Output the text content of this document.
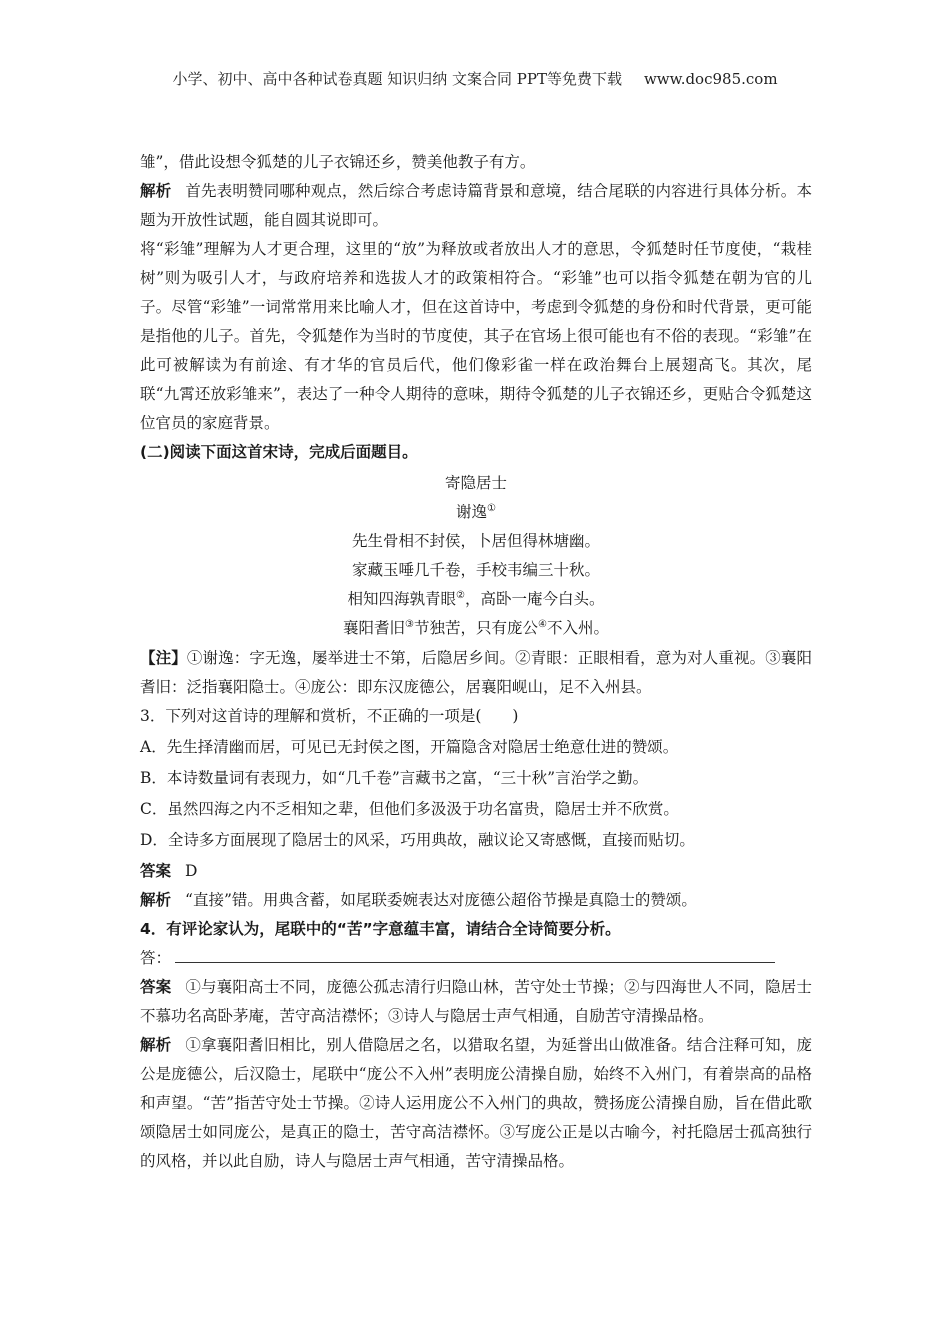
小学、初中、高中各种试卷真题 知识归纳 文案合同 PPT等免费下载 www.doc985.com

雏”，借此设想令狐楚的儿子衣锦还乡，赞美他教子有方。

解析 首先表明赞同哪种观点，然后综合考虑诗篇背景和意境，结合尾联的内容进行具体分析。本题为开放性试题，能自圆其说即可。

将“彩雏”理解为人才更合理，这里的“放”为释放或者放出人才的意思，令狐楚时任节度使，“栽桂树”则为吸引人才，与政府培养和选拔人才的政策相符合。“彩雏”也可以指令狐楚在朝为官的儿子。尽管“彩雏”一词常常用来比喻人才，但在这首诗中，考虑到令狐楚的身份和时代背景，更可能是指他的儿子。首先，令狐楚作为当时的节度使，其子在官场上很可能也有不俗的表现。“彩雏”在此可被解读为有前途、有才华的官员后代，他们像彩雀一样在政治舞台上展翅高飞。其次，尾联“九霄还放彩雏来”，表达了一种令人期待的意味，期待令狐楚的儿子衣锦还乡，更贴合令狐楚这位官员的家庭背景。

(二)阅读下面这首宋诗，完成后面题目。

寄隐居士

谢逸①

先生骨相不封侯，卜居但得林塘幽。

家藏玉唾几千卷，手校韦编三十秋。

相知四海孰青眼②，高卧一庵今白头。

襄阳耆旧③节独苦，只有庞公④不入州。

【注】①谢逸：字无逸，屡举进士不第，后隐居乡间。②青眼：正眼相看，意为对人重视。③襄阳耆旧：泛指襄阳隐士。④庞公：即东汉庞德公，居襄阳岘山，足不入州县。

3．下列对这首诗的理解和赏析，不正确的一项是(　　)

A．先生择清幽而居，可见已无封侯之图，开篇隐含对隐居士绝意仕进的赞颂。

B．本诗数量词有表现力，如“几千卷”言藏书之富，“三十秋”言治学之勤。

C．虽然四海之内不乏相知之辈，但他们多汲汲于功名富贵，隐居士并不欣赏。

D．全诗多方面展现了隐居士的风采，巧用典故，融议论又寄感慨，直接而贴切。

答案 D

解析 “直接”错。用典含蓄，如尾联委婉表达对庞德公超俗节操是真隐士的赞颂。

4．有评论家认为，尾联中的“苦”字意蕴丰富，请结合全诗简要分析。

答：

答案 ①与襄阳高士不同，庞德公孤志清行归隐山林，苦守处士节操；②与四海世人不同，隐居士不慕功名高卧茅庵，苦守高洁襟怀；③诗人与隐居士声气相通，自励苦守清操品格。

解析 ①拿襄阳耆旧相比，别人借隐居之名，以猎取名望，为延誉出山做准备。结合注释可知，庞公是庞德公，后汉隐士，尾联中“庞公不入州”表明庞公清操自励，始终不入州门，有着崇高的品格和声望。“苦”指苦守处士节操。②诗人运用庞公不入州门的典故，赞扬庞公清操自励，旨在借此歌颂隐居士如同庞公，是真正的隐士，苦守高洁襟怀。③写庞公正是以古喻今，衬托隐居士孤高独行的风格，并以此自励，诗人与隐居士声气相通，苦守清操品格。
